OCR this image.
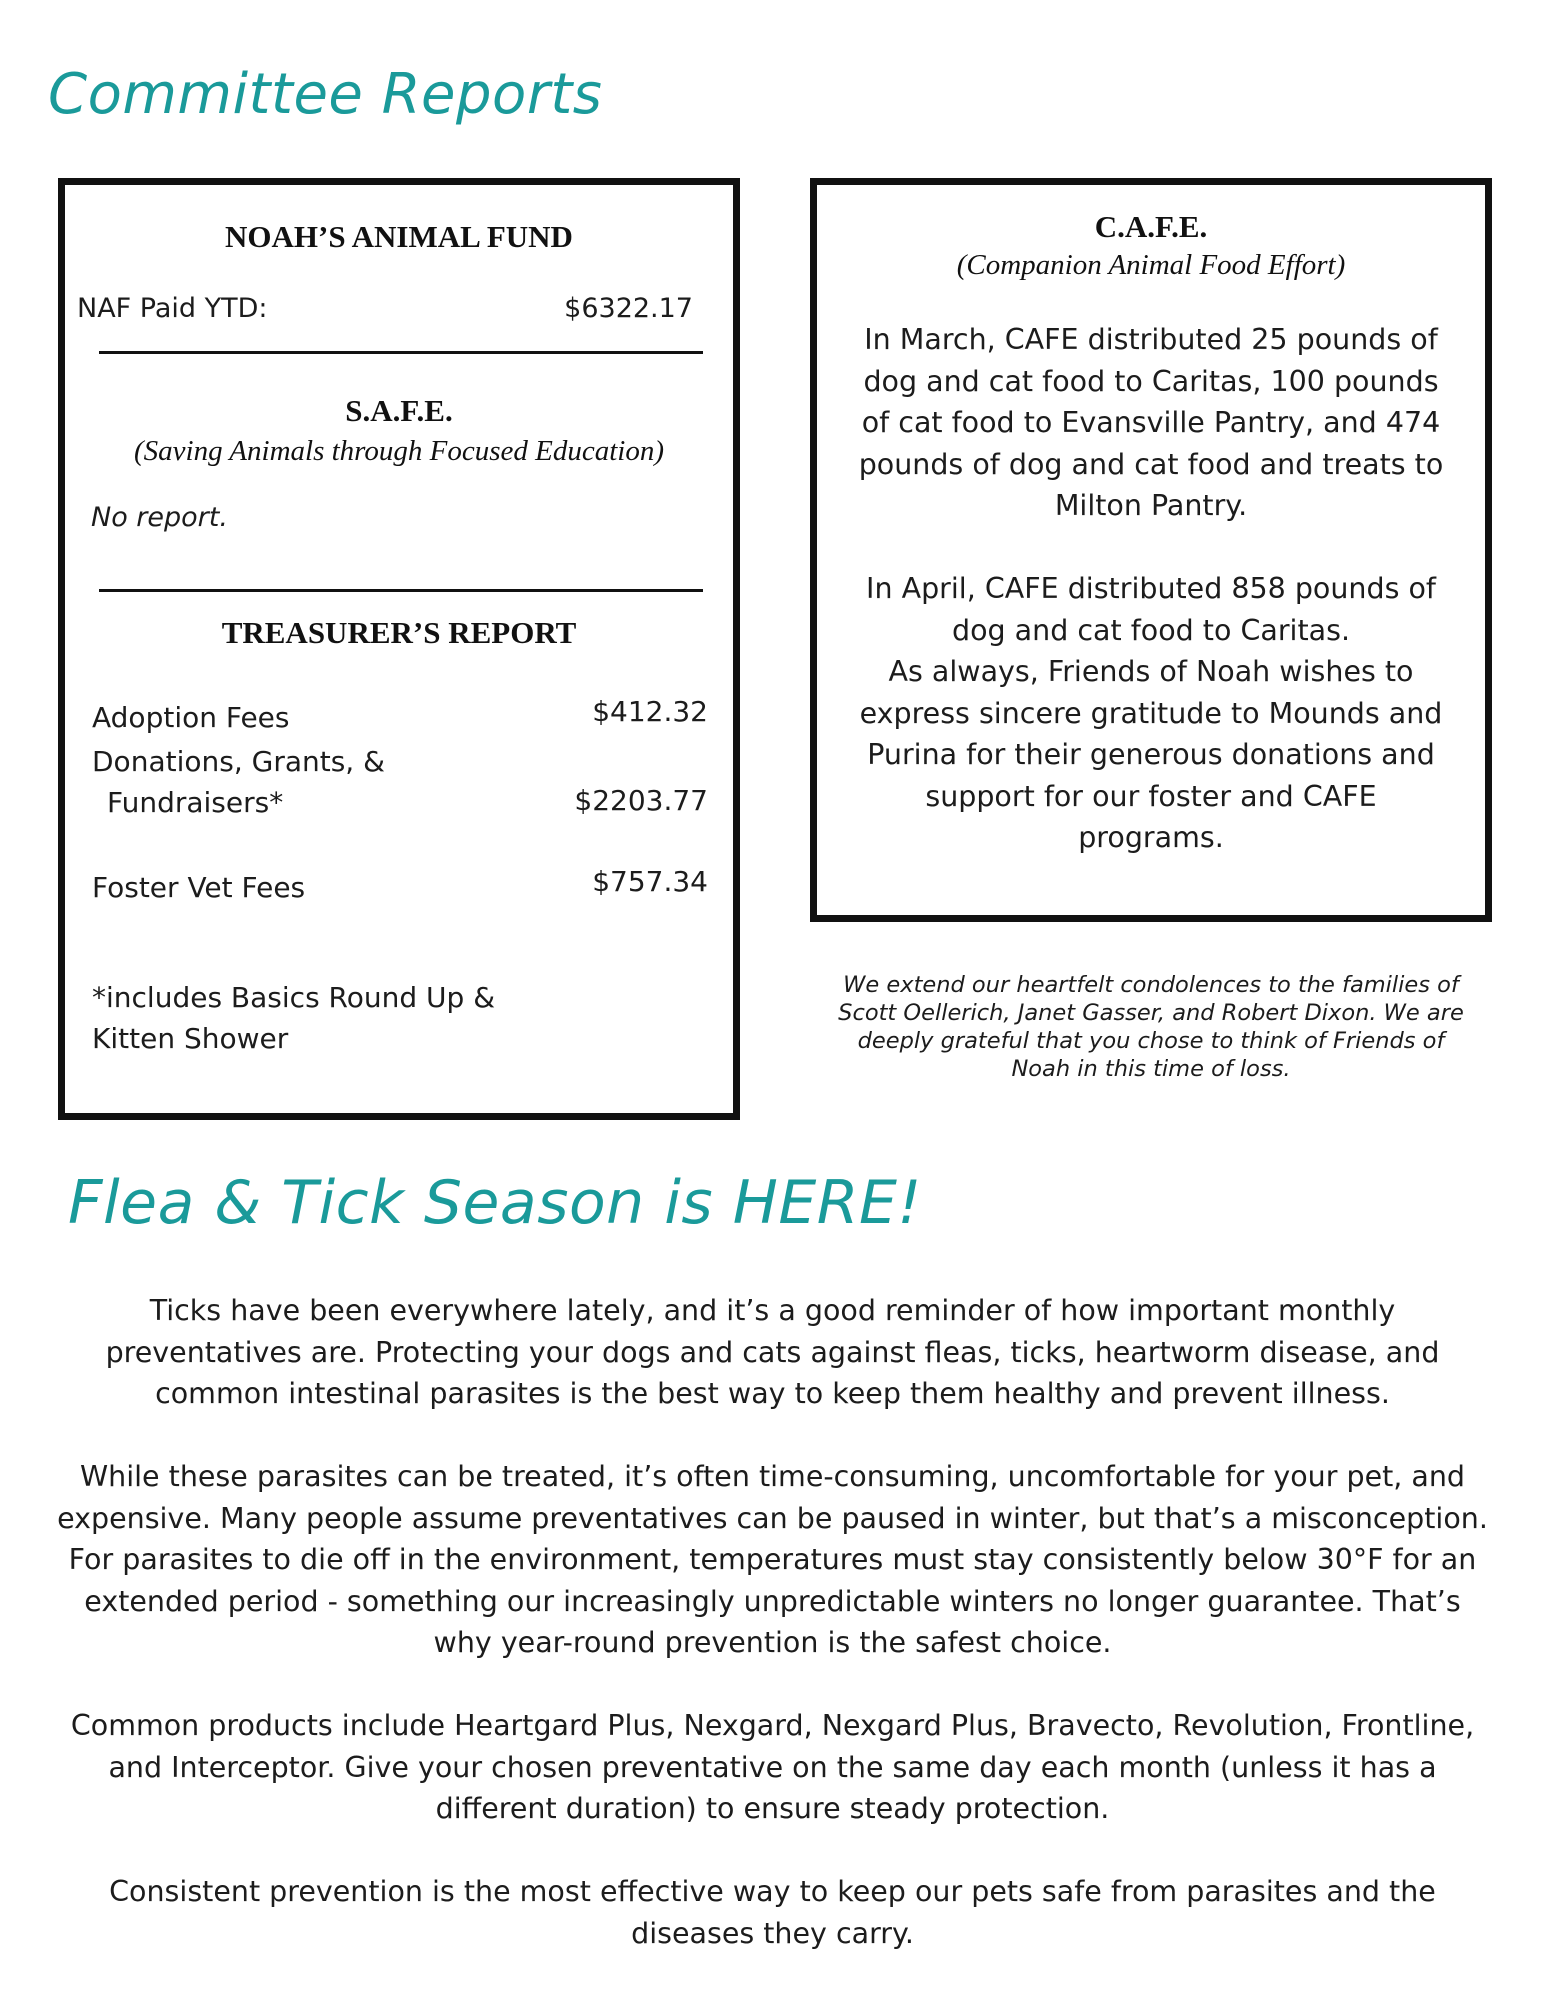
Committee Reports
NOAH’S ANIMAL FUND
NAF Paid YTD:	$6322.17
S.A.F.E.

(Saving Animals through Focused Education)

No report.
TREASURER’S REPORT
Adoption Fees	$412.32
Donations, Grants, &
Fundraisers*	$2203.77
Foster Vet Fees	$757.34
*includes Basics Round Up &
Kitten Shower
C.A.F.E.

(Companion Animal Food Effort)

In March, CAFE distributed 25 pounds of
dog and cat food to Caritas, 100 pounds
of cat food to Evansville Pantry, and 474
pounds of dog and cat food and treats to
Milton Pantry.
In April, CAFE distributed 858 pounds of
dog and cat food to Caritas.
As always, Friends of Noah wishes to
express sincere gratitude to Mounds and
Purina for their generous donations and
support for our foster and CAFE
programs.
We extend our heartfelt condolences to the families of
Scott Oellerich, Janet Gasser, and Robert Dixon. We are
deeply grateful that you chose to think of Friends of
Noah in this time of loss.
Flea & Tick Season is HERE!
Ticks have been everywhere lately, and it’s a good reminder of how important monthly
preventatives are. Protecting your dogs and cats against fleas, ticks, heartworm disease, and
common intestinal parasites is the best way to keep them healthy and prevent illness.
While these parasites can be treated, it’s often time-consuming, uncomfortable for your pet, and
expensive. Many people assume preventatives can be paused in winter, but that’s a misconception.
For parasites to die off in the environment, temperatures must stay consistently below 30°F for an
extended period - something our increasingly unpredictable winters no longer guarantee. That’s
why year-round prevention is the safest choice.
Common products include Heartgard Plus, Nexgard, Nexgard Plus, Bravecto, Revolution, Frontline,
and Interceptor. Give your chosen preventative on the same day each month (unless it has a
different duration) to ensure steady protection.
Consistent prevention is the most effective way to keep our pets safe from parasites and the
diseases they carry.
